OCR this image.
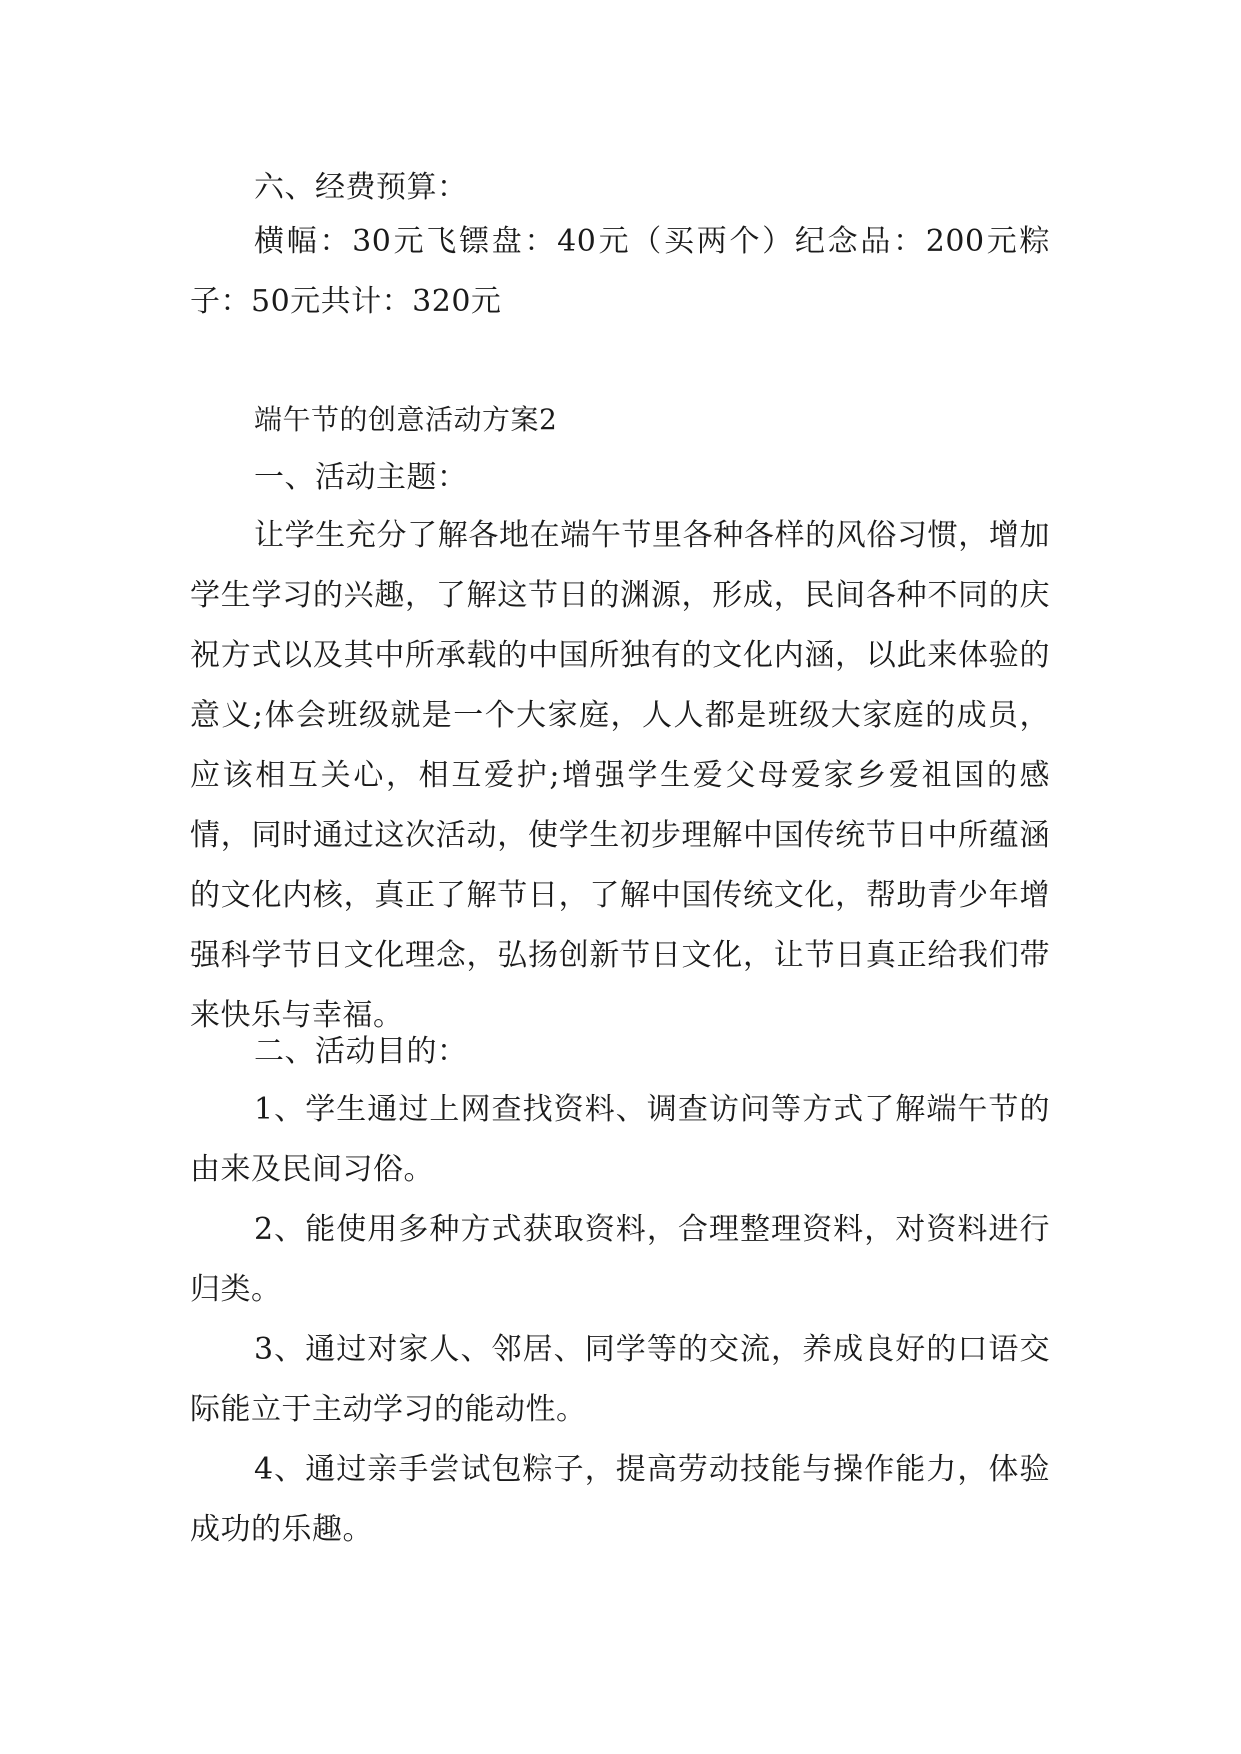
六、经费预算：

横幅：30元飞镖盘：40元（买两个）纪念品：200元粽子：50元共计：320元

端午节的创意活动方案2

一、活动主题：

让学生充分了解各地在端午节里各种各样的风俗习惯，增加学生学习的兴趣，了解这节日的渊源，形成，民间各种不同的庆祝方式以及其中所承载的中国所独有的文化内涵，以此来体验的意义;体会班级就是一个大家庭，人人都是班级大家庭的成员，应该相互关心，相互爱护;增强学生爱父母爱家乡爱祖国的感情，同时通过这次活动，使学生初步理解中国传统节日中所蕴涵的文化内核，真正了解节日，了解中国传统文化，帮助青少年增强科学节日文化理念，弘扬创新节日文化，让节日真正给我们带来快乐与幸福。

二、活动目的：

1、学生通过上网查找资料、调查访问等方式了解端午节的由来及民间习俗。

2、能使用多种方式获取资料，合理整理资料，对资料进行归类。

3、通过对家人、邻居、同学等的交流，养成良好的口语交际能立于主动学习的能动性。

4、通过亲手尝试包粽子，提高劳动技能与操作能力，体验成功的乐趣。
